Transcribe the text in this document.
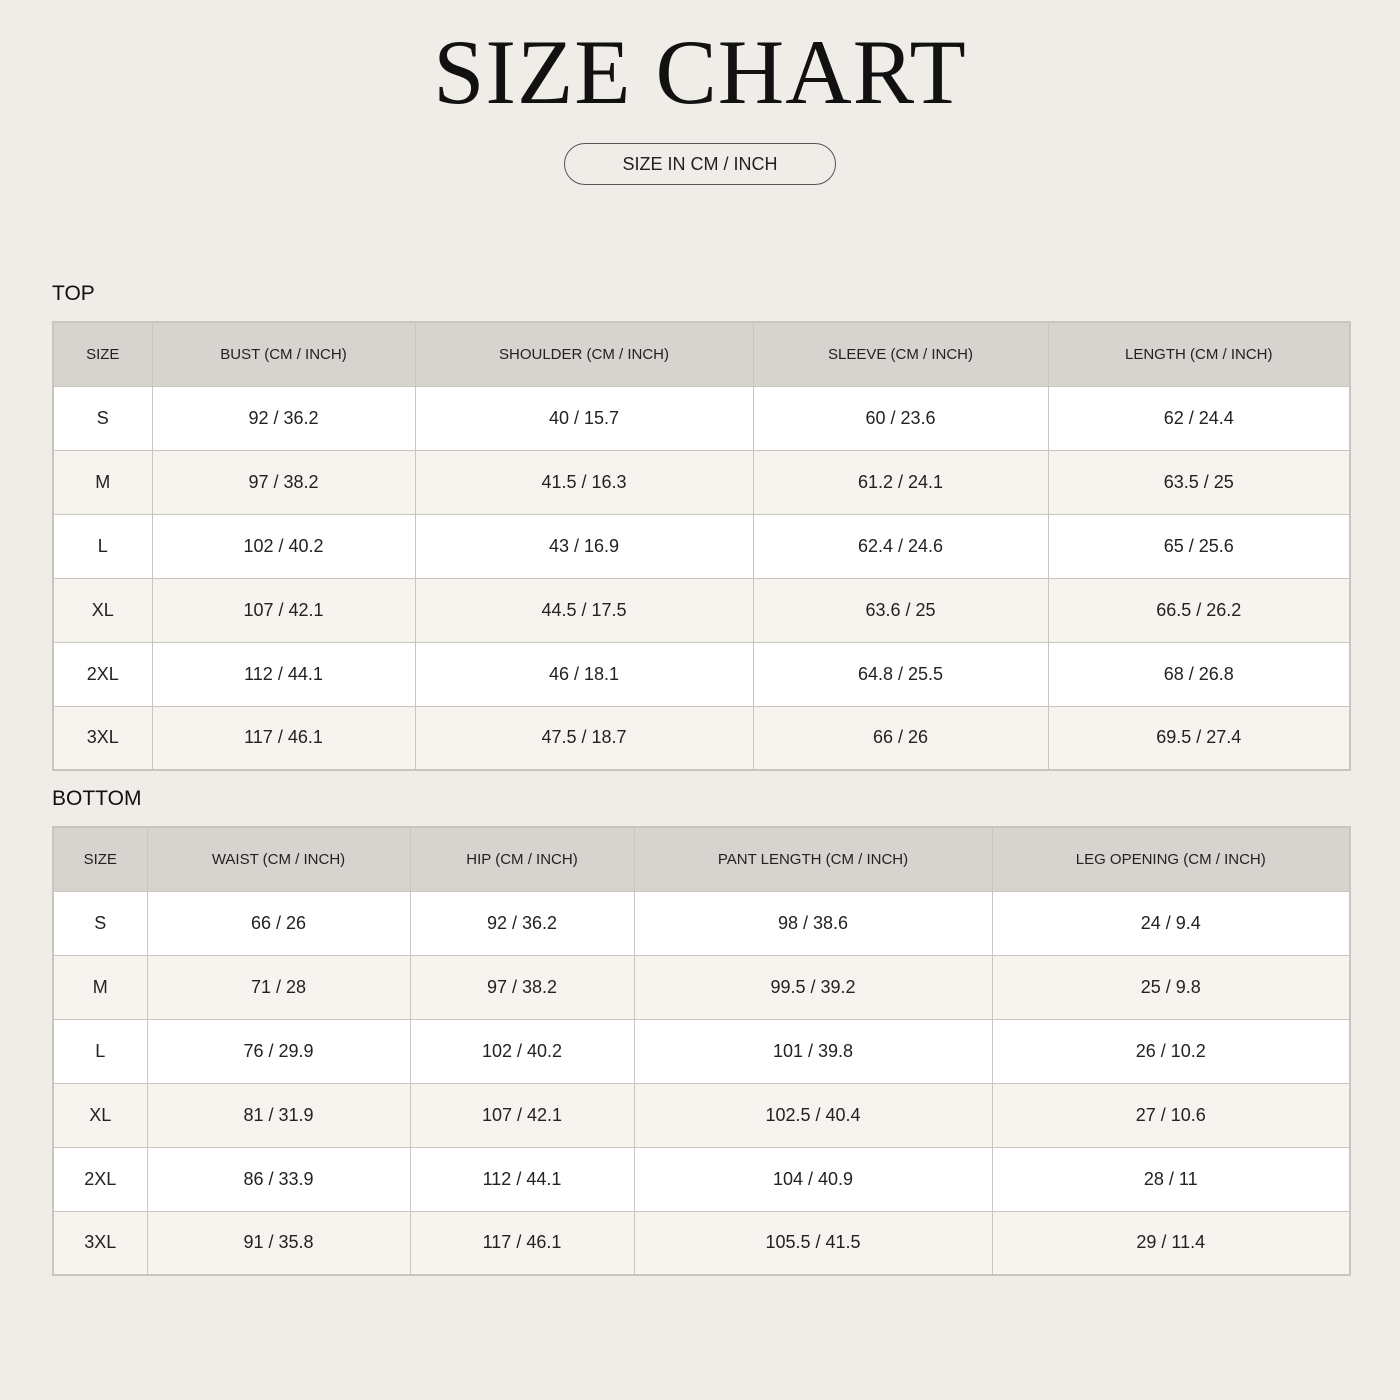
SIZE CHART
SIZE IN CM / INCH
TOP
SIZE	BUST (CM / INCH)	SHOULDER (CM / INCH)	SLEEVE (CM / INCH)	LENGTH (CM / INCH)
S	92 / 36.2	40 / 15.7	60 / 23.6	62 / 24.4
M	97 / 38.2	41.5 / 16.3	61.2 / 24.1	63.5 / 25
L	102 / 40.2	43 / 16.9	62.4 / 24.6	65 / 25.6
XL	107 / 42.1	44.5 / 17.5	63.6 / 25	66.5 / 26.2
2XL	112 / 44.1	46 / 18.1	64.8 / 25.5	68 / 26.8
3XL	117 / 46.1	47.5 / 18.7	66 / 26	69.5 / 27.4
BOTTOM
SIZE	WAIST (CM / INCH)	HIP (CM / INCH)	PANT LENGTH (CM / INCH)	LEG OPENING (CM / INCH)
S	66 / 26	92 / 36.2	98 / 38.6	24 / 9.4
M	71 / 28	97 / 38.2	99.5 / 39.2	25 / 9.8
L	76 / 29.9	102 / 40.2	101 / 39.8	26 / 10.2
XL	81 / 31.9	107 / 42.1	102.5 / 40.4	27 / 10.6
2XL	86 / 33.9	112 / 44.1	104 / 40.9	28 / 11
3XL	91 / 35.8	117 / 46.1	105.5 / 41.5	29 / 11.4
